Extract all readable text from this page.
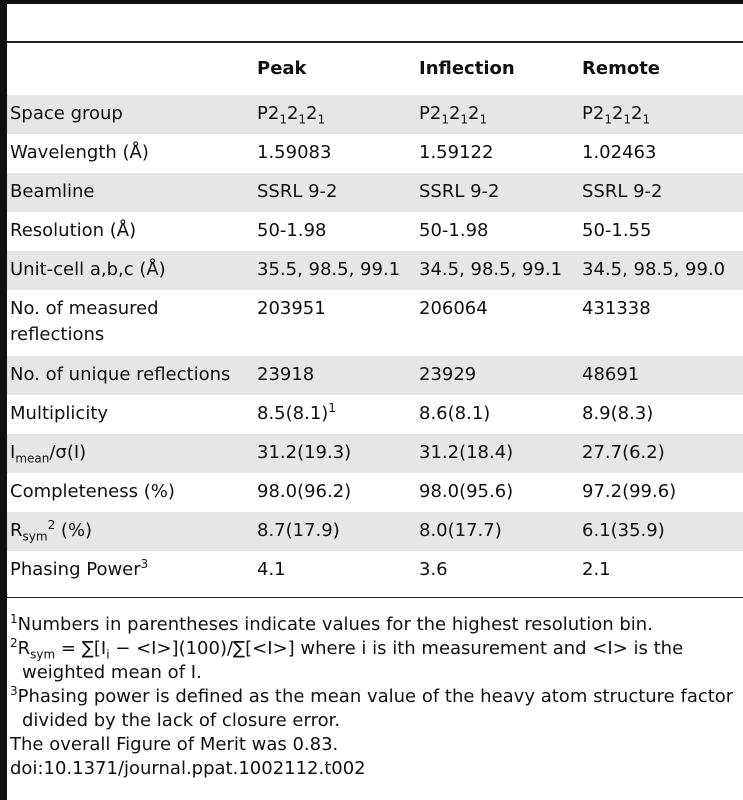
	Peak	Inflection	Remote

Space group	$P2_12_12_1$	$P2_12_12_1$	$P2_12_12_1$

Wavelength (Å)	1.59083	1.59122	1.02463

Beamline	SSRL 9-2	SSRL 9-2	SSRL 9-2

Resolution (Å)	50-1.98	50-1.98	50-1.55

Unit-cell a,b,c (Å)	35.5, 98.5, 99.1	34.5, 98.5, 99.1	34.5, 98.5, 99.0

No. of measured reflections	203951	206064	431338

No. of unique reflections	23918	23929	48691

Multiplicity	$8.5(8.1)^1$	8.6(8.1)	8.9(8.3)

$I_{mean}/\sigma(I)$	31.2(19.3)	31.2(18.4)	27.7(6.2)

Completeness (%)	98.0(96.2)	98.0(95.6)	97.2(99.6)

$R_{sym}^2$ (%)	8.7(17.9)	8.0(17.7)	6.1(35.9)

Phasing Power$^3$	4.1	3.6	2.1

$^1$Numbers in parentheses indicate values for the highest resolution bin.

$^2R_{sym} = \sum[I_i - <I>](100)/\sum[<I>]$ where i is ith measurement and <I> is the
weighted mean of I.

$^3$Phasing power is defined as the mean value of the heavy atom structure factor
divided by the lack of closure error.

The overall Figure of Merit was 0.83.

doi:10.1371/journal.ppat.1002112.t002
